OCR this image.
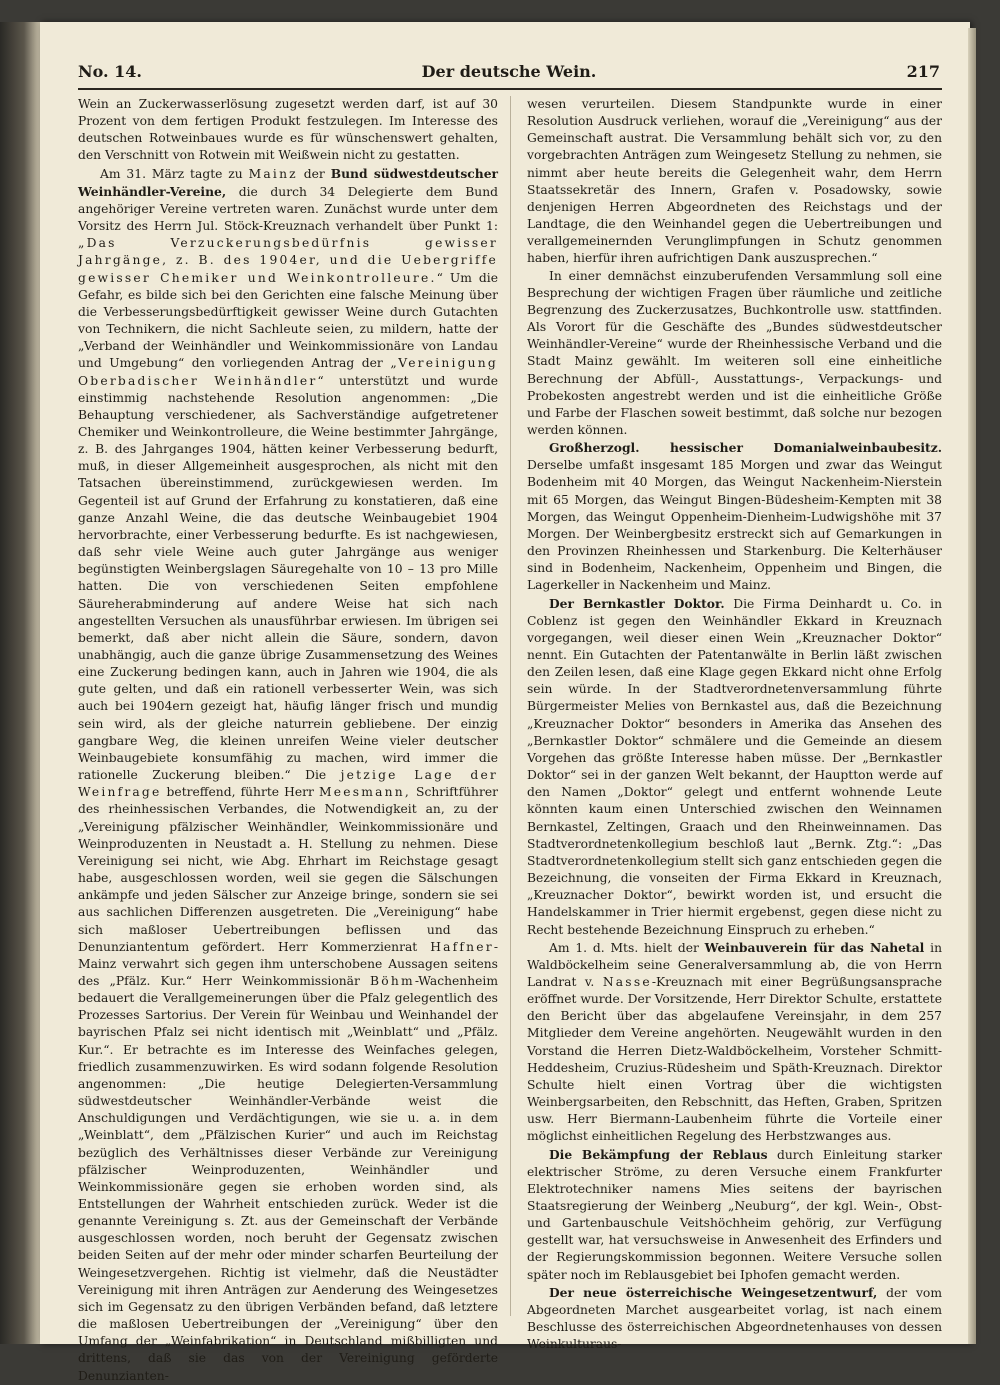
No. 14.	Der deutsche Wein.	217

Wein an Zuckerwasserlösung zugesetzt werden darf, ist auf 30 Prozent von dem fertigen Produkt festzulegen. Im Interesse des deutschen Rotweinbaues wurde es für wünschenswert gehalten, den Verschnitt von Rotwein mit Weißwein nicht zu gestatten.

Am 31. März tagte zu Mainz der Bund südwestdeutscher Weinhändler-Vereine, die durch 34 Delegierte dem Bund angehöriger Vereine vertreten waren. Zunächst wurde unter dem Vorsitz des Herrn Jul. Stöck-Kreuznach verhandelt über Punkt 1: „Das Verzuckerungsbedürfnis gewisser Jahrgänge, z. B. des 1904er, und die Uebergriffe gewisser Chemiker und Weinkontrolleure.“ Um die Gefahr, es bilde sich bei den Gerichten eine falsche Meinung über die Verbesserungsbedürftigkeit gewisser Weine durch Gutachten von Technikern, die nicht Sachleute seien, zu mildern, hatte der „Verband der Weinhändler und Weinkommissionäre von Landau und Umgebung“ den vorliegenden Antrag der „Vereinigung Oberbadischer Weinhändler“ unterstützt und wurde einstimmig nachstehende Resolution angenommen: „Die Behauptung verschiedener, als Sachverständige aufgetretener Chemiker und Weinkontrolleure, die Weine bestimmter Jahrgänge, z. B. des Jahrganges 1904, hätten keiner Verbesserung bedurft, muß, in dieser Allgemeinheit ausgesprochen, als nicht mit den Tatsachen übereinstimmend, zurückgewiesen werden. Im Gegenteil ist auf Grund der Erfahrung zu konstatieren, daß eine ganze Anzahl Weine, die das deutsche Weinbaugebiet 1904 hervorbrachte, einer Verbesserung bedurfte. Es ist nachgewiesen, daß sehr viele Weine auch guter Jahrgänge aus weniger begünstigten Weinbergslagen Säuregehalte von 10 – 13 pro Mille hatten. Die von verschiedenen Seiten empfohlene Säureherabminderung auf andere Weise hat sich nach angestellten Versuchen als unausführbar erwiesen. Im übrigen sei bemerkt, daß aber nicht allein die Säure, sondern, davon unabhängig, auch die ganze übrige Zusammensetzung des Weines eine Zuckerung bedingen kann, auch in Jahren wie 1904, die als gute gelten, und daß ein rationell verbesserter Wein, was sich auch bei 1904ern gezeigt hat, häufig länger frisch und mundig sein wird, als der gleiche naturrein gebliebene. Der einzig gangbare Weg, die kleinen unreifen Weine vieler deutscher Weinbaugebiete konsumfähig zu machen, wird immer die rationelle Zuckerung bleiben.“ Die jetzige Lage der Weinfrage betreffend, führte Herr Meesmann, Schriftführer des rheinhessischen Verbandes, die Notwendigkeit an, zu der „Vereinigung pfälzischer Weinhändler, Weinkommissionäre und Weinproduzenten in Neustadt a. H. Stellung zu nehmen. Diese Vereinigung sei nicht, wie Abg. Ehrhart im Reichstage gesagt habe, ausgeschlossen worden, weil sie gegen die Sälschungen ankämpfe und jeden Sälscher zur Anzeige bringe, sondern sie sei aus sachlichen Differenzen ausgetreten. Die „Vereinigung“ habe sich maßloser Uebertreibungen beflissen und das Denunziantentum gefördert. Herr Kommerzienrat Haffner-Mainz verwahrt sich gegen ihm unterschobene Aussagen seitens des „Pfälz. Kur.“ Herr Weinkommissionär Böhm-Wachenheim bedauert die Verallgemeinerungen über die Pfalz gelegentlich des Prozesses Sartorius. Der Verein für Weinbau und Weinhandel der bayrischen Pfalz sei nicht identisch mit „Weinblatt“ und „Pfälz. Kur.“. Er betrachte es im Interesse des Weinfaches gelegen, friedlich zusammenzuwirken. Es wird sodann folgende Resolution angenommen: „Die heutige Delegierten-Versammlung südwestdeutscher Weinhändler-Verbände weist die Anschuldigungen und Verdächtigungen, wie sie u. a. in dem „Weinblatt“, dem „Pfälzischen Kurier“ und auch im Reichstag bezüglich des Verhältnisses dieser Verbände zur Vereinigung pfälzischer Weinproduzenten, Weinhändler und Weinkommissionäre gegen sie erhoben worden sind, als Entstellungen der Wahrheit entschieden zurück. Weder ist die genannte Vereinigung s. Zt. aus der Gemeinschaft der Verbände ausgeschlossen worden, noch beruht der Gegensatz zwischen beiden Seiten auf der mehr oder minder scharfen Beurteilung der Weingesetzvergehen. Richtig ist vielmehr, daß die Neustädter Vereinigung mit ihren Anträgen zur Aenderung des Weingesetzes sich im Gegensatz zu den übrigen Verbänden befand, daß letztere die maßlosen Uebertreibungen der „Vereinigung“ über den Umfang der „Weinfabrikation“ in Deutschland mißbilligten und drittens, daß sie das von der Vereinigung geförderte Denunzianten-

wesen verurteilen. Diesem Standpunkte wurde in einer Resolution Ausdruck verliehen, worauf die „Vereinigung“ aus der Gemeinschaft austrat. Die Versammlung behält sich vor, zu den vorgebrachten Anträgen zum Weingesetz Stellung zu nehmen, sie nimmt aber heute bereits die Gelegenheit wahr, dem Herrn Staatssekretär des Innern, Grafen v. Posadowsky, sowie denjenigen Herren Abgeordneten des Reichstags und der Landtage, die den Weinhandel gegen die Uebertreibungen und verallgemeinernden Verunglimpfungen in Schutz genommen haben, hierfür ihren aufrichtigen Dank auszusprechen.“

In einer demnächst einzuberufenden Versammlung soll eine Besprechung der wichtigen Fragen über räumliche und zeitliche Begrenzung des Zuckerzusatzes, Buchkontrolle usw. stattfinden. Als Vorort für die Geschäfte des „Bundes südwestdeutscher Weinhändler-Vereine“ wurde der Rheinhessische Verband und die Stadt Mainz gewählt. Im weiteren soll eine einheitliche Berechnung der Abfüll-, Ausstattungs-, Verpackungs- und Probekosten angestrebt werden und ist die einheitliche Größe und Farbe der Flaschen soweit bestimmt, daß solche nur bezogen werden können.

Großherzogl. hessischer Domanialweinbaubesitz. Derselbe umfaßt insgesamt 185 Morgen und zwar das Weingut Bodenheim mit 40 Morgen, das Weingut Nackenheim-Nierstein mit 65 Morgen, das Weingut Bingen-Büdesheim-Kempten mit 38 Morgen, das Weingut Oppenheim-Dienheim-Ludwigshöhe mit 37 Morgen. Der Weinbergbesitz erstreckt sich auf Gemarkungen in den Provinzen Rheinhessen und Starkenburg. Die Kelterhäuser sind in Bodenheim, Nackenheim, Oppenheim und Bingen, die Lagerkeller in Nackenheim und Mainz.

Der Bernkastler Doktor. Die Firma Deinhardt u. Co. in Coblenz ist gegen den Weinhändler Ekkard in Kreuznach vorgegangen, weil dieser einen Wein „Kreuznacher Doktor“ nennt. Ein Gutachten der Patentanwälte in Berlin läßt zwischen den Zeilen lesen, daß eine Klage gegen Ekkard nicht ohne Erfolg sein würde. In der Stadtverordnetenversammlung führte Bürgermeister Melies von Bernkastel aus, daß die Bezeichnung „Kreuznacher Doktor“ besonders in Amerika das Ansehen des „Bernkastler Doktor“ schmälere und die Gemeinde an diesem Vorgehen das größte Interesse haben müsse. Der „Bernkastler Doktor“ sei in der ganzen Welt bekannt, der Hauptton werde auf den Namen „Doktor“ gelegt und entfernt wohnende Leute könnten kaum einen Unterschied zwischen den Weinnamen Bernkastel, Zeltingen, Graach und den Rheinweinnamen. Das Stadtverordnetenkollegium beschloß laut „Bernk. Ztg.“: „Das Stadtverordnetenkollegium stellt sich ganz entschieden gegen die Bezeichnung, die vonseiten der Firma Ekkard in Kreuznach, „Kreuznacher Doktor“, bewirkt worden ist, und ersucht die Handelskammer in Trier hiermit ergebenst, gegen diese nicht zu Recht bestehende Bezeichnung Einspruch zu erheben.“

Am 1. d. Mts. hielt der Weinbauverein für das Nahetal in Waldböckelheim seine Generalversammlung ab, die von Herrn Landrat v. Nasse-Kreuznach mit einer Begrüßungsansprache eröffnet wurde. Der Vorsitzende, Herr Direktor Schulte, erstattete den Bericht über das abgelaufene Vereinsjahr, in dem 257 Mitglieder dem Vereine angehörten. Neugewählt wurden in den Vorstand die Herren Dietz-Waldböckelheim, Vorsteher Schmitt-Heddesheim, Cruzius-Rüdesheim und Späth-Kreuznach. Direktor Schulte hielt einen Vortrag über die wichtigsten Weinbergsarbeiten, den Rebschnitt, das Heften, Graben, Spritzen usw. Herr Biermann-Laubenheim führte die Vorteile einer möglichst einheitlichen Regelung des Herbstzwanges aus.

Die Bekämpfung der Reblaus durch Einleitung starker elektrischer Ströme, zu deren Versuche einem Frankfurter Elektrotechniker namens Mies seitens der bayrischen Staatsregierung der Weinberg „Neuburg“, der kgl. Wein-, Obst- und Gartenbauschule Veitshöchheim gehörig, zur Verfügung gestellt war, hat versuchsweise in Anwesenheit des Erfinders und der Regierungskommission begonnen. Weitere Versuche sollen später noch im Reblausgebiet bei Iphofen gemacht werden.

Der neue österreichische Weingesetzentwurf, der vom Abgeordneten Marchet ausgearbeitet vorlag, ist nach einem Beschlusse des österreichischen Abgeordnetenhauses von dessen Weinkulturaus-
